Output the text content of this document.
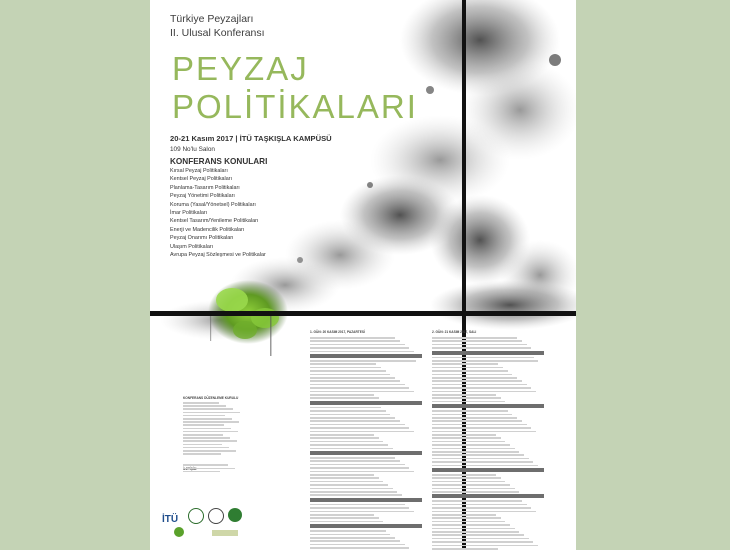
Türkiye Peyzajları
II. Ulusal Konferansı
PEYZAJ
POLİTİKALARI
20-21 Kasım 2017 | İTÜ TAŞKIŞLA KAMPÜSÜ
109 No'lu Salon
KONFERANS KONULARI
Kırsal Peyzaj Politikaları
Kentsel Peyzaj Politikaları
Planlama-Tasarım Politikaları
Peyzaj Yönetimi Politikaları
Koruma (Yasal/Yönetsel) Politikaları
İmar Politikaları
Kentsel Tasarım/Yenileme Politikaları
Enerji ve Madencilik Politikaları
Peyzaj Onarımı Politikaları
Ulaşım Politikaları
Avrupa Peyzaj Sözleşmesi ve Politikalar
KONFERANS DÜZENLEME KURULU
İTÜ
1. GÜN: 20 KASIM 2017, PAZARTESİ	2. GÜN: 21 KASIM 2017, SALI
